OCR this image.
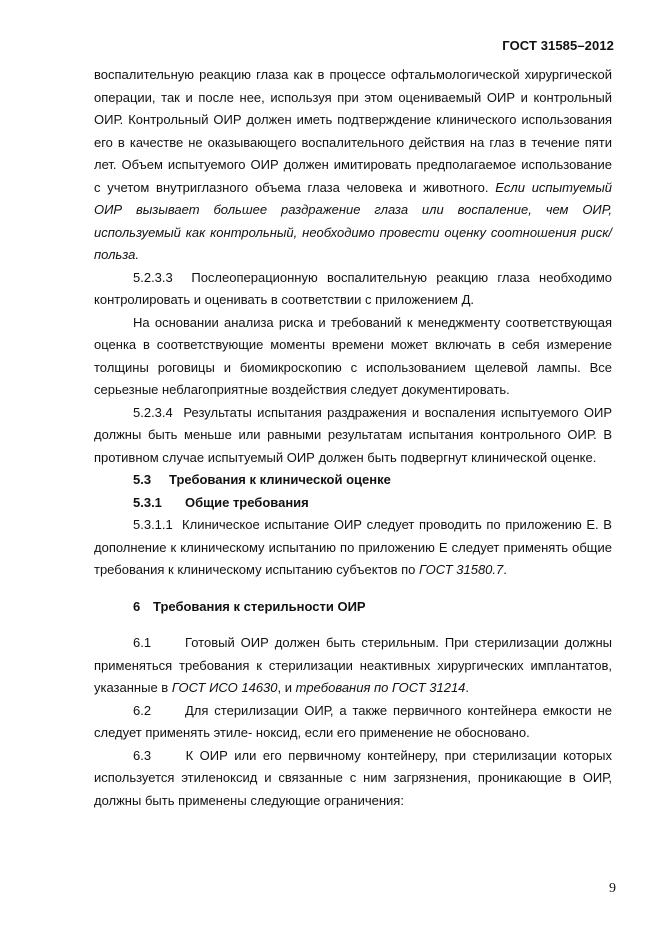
ГОСТ 31585–2012

воспалительную реакцию глаза как в процессе офтальмологической хирургической операции, так и после нее, используя при этом оцениваемый ОИР и контрольный ОИР. Контрольный ОИР должен иметь подтверждение клинического использования его в качестве не оказывающего воспалительного действия на глаз в течение пяти лет. Объем испытуемого ОИР должен имитировать предполагаемое использование с учетом внутриглазного объема глаза человека и животного. Если испытуемый ОИР вызывает большее раздражение глаза или воспаление, чем ОИР, используемый как контрольный, необходимо провести оценку соотношения риск/польза.

5.2.3.3 Послеоперационную воспалительную реакцию глаза необходимо контролировать и оценивать в соответствии с приложением Д.

На основании анализа риска и требований к менеджменту соответствующая оценка в соответствующие моменты времени может включать в себя измерение толщины роговицы и биомикроскопию с использованием щелевой лампы. Все серьезные неблагоприятные воздействия следует документировать.

5.2.3.4 Результаты испытания раздражения и воспаления испытуемого ОИР должны быть меньше или равными результатам испытания контрольного ОИР. В противном случае испытуемый ОИР должен быть подвергнут клинической оценке.

5.3 Требования к клинической оценке

5.3.1 Общие требования

5.3.1.1 Клиническое испытание ОИР следует проводить по приложению Е. В дополнение к клиническому испытанию по приложению Е следует применять общие требования к клиническому испытанию субъектов по ГОСТ 31580.7.

6 Требования к стерильности ОИР

6.1	Готовый ОИР должен быть стерильным. При стерилизации должны применяться требования к стерилизации неактивных хирургических имплантатов, указанные в ГОСТ ИСО 14630, и требования по ГОСТ 31214.

6.2	Для стерилизации ОИР, а также первичного контейнера емкости не следует применять этиле- ноксид, если его применение не обосновано.

6.3	К ОИР или его первичному контейнеру, при стерилизации которых используется этиленоксид и связанные с ним загрязнения, проникающие в ОИР, должны быть применены следующие ограничения:

9
